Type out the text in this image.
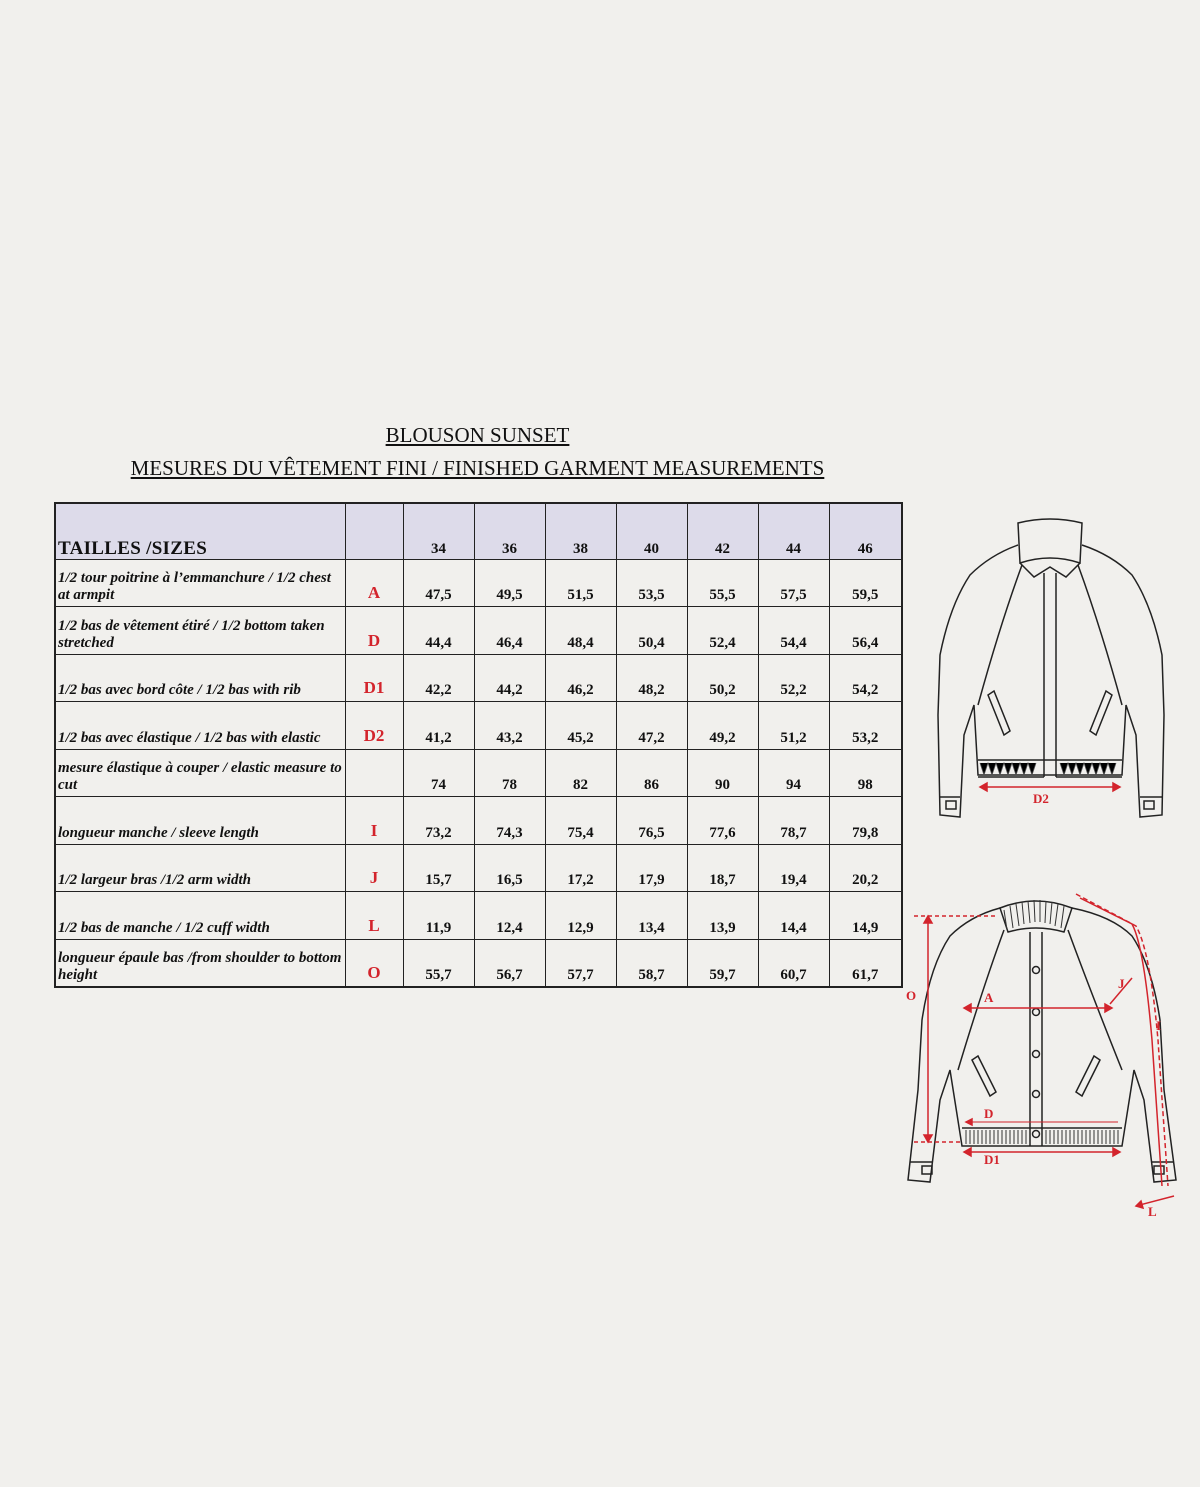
BLOUSON SUNSET
MESURES DU VÊTEMENT FINI / FINISHED GARMENT MEASUREMENTS
TAILLES /SIZES		34	36	38	40	42	44	46
1/2 tour poitrine à l’emmanchure / 1/2 chest at armpit	A	47,5	49,5	51,5	53,5	55,5	57,5	59,5
1/2 bas de vêtement étiré / 1/2 bottom taken stretched	D	44,4	46,4	48,4	50,4	52,4	54,4	56,4
1/2 bas avec bord côte / 1/2 bas with rib	D1	42,2	44,2	46,2	48,2	50,2	52,2	54,2
1/2 bas avec élastique / 1/2 bas with elastic	D2	41,2	43,2	45,2	47,2	49,2	51,2	53,2
mesure élastique à couper / elastic measure to cut		74	78	82	86	90	94	98
longueur manche / sleeve length	I	73,2	74,3	75,4	76,5	77,6	78,7	79,8
1/2 largeur bras /1/2 arm width	J	15,7	16,5	17,2	17,9	18,7	19,4	20,2
1/2 bas de manche / 1/2 cuff width	L	11,9	12,4	12,9	13,4	13,9	14,4	14,9
longueur épaule bas /from shoulder to bottom height	O	55,7	56,7	57,7	58,7	59,7	60,7	61,7
D2
O	A
J
I
D
D1
L
